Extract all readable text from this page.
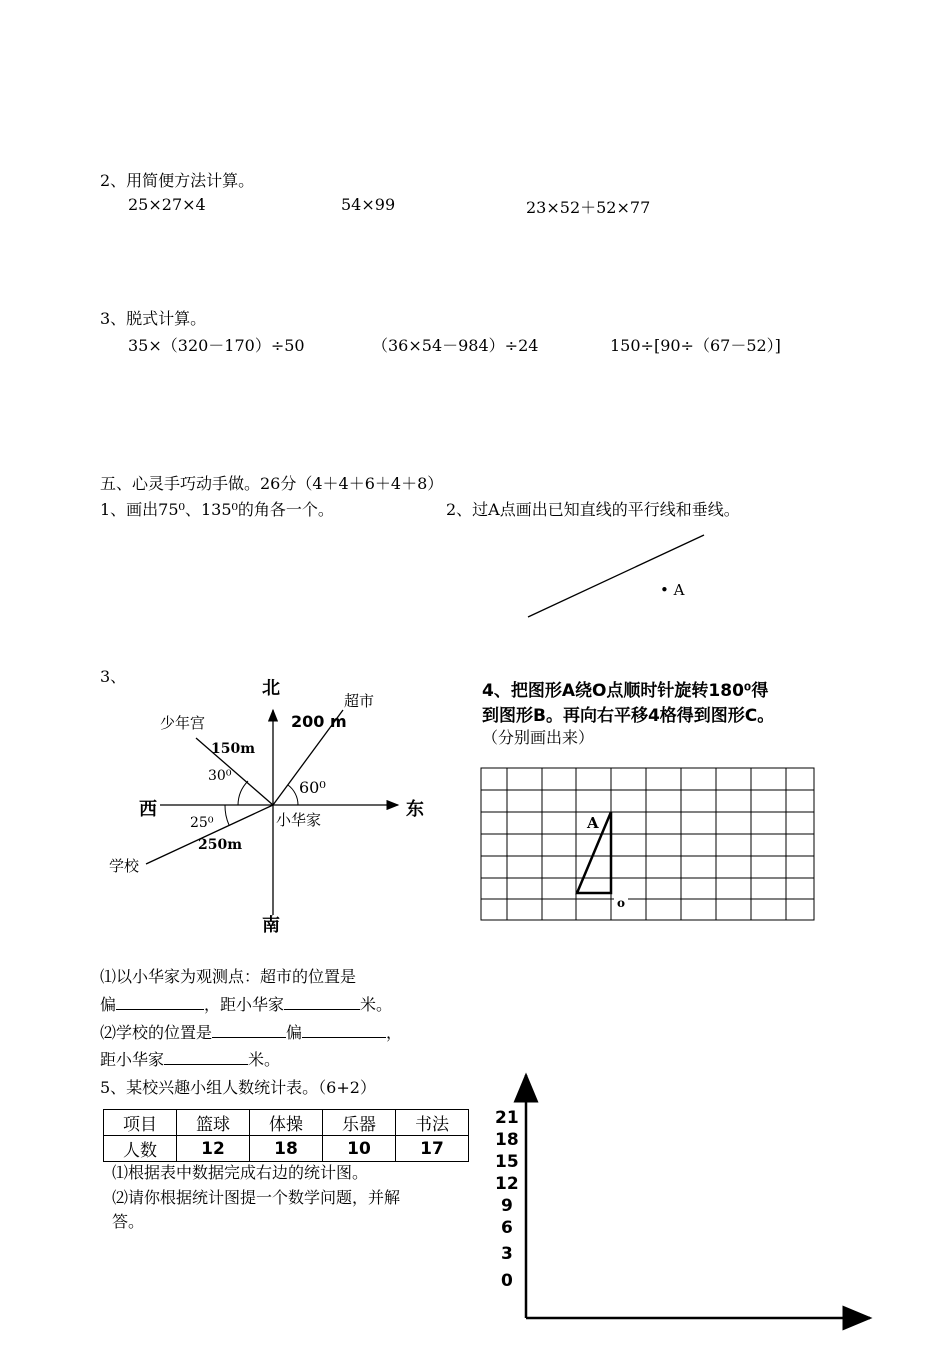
2、用简便方法计算。
25×27×4	54×99	23×52＋52×77
3、脱式计算。
35×（320－170）÷50	（36×54－984）÷24	150÷[90÷（67－52）]
五、心灵手巧动手做。26分（4＋4＋6＋4＋8）
1、画出75⁰、135⁰的角各一个。	2、过A点画出已知直线的平行线和垂线。
• A
3、
北
南
东
西
超市
少年宫
学校
小华家
150m
200 m
250m
30⁰
60⁰
25⁰
⑴以小华家为观测点：超市的位置是
偏	，距小华家	米。
⑵学校的位置是	偏	，
距小华家	米。
4、把图形A绕O点顺时针旋转180⁰得
到图形B。再向右平移4格得到图形C。
（分别画出来）
A
o
5、某校兴趣小组人数统计表。（6+2）
项目	篮球	体操	乐器	书法
人数	12	18	10	17
⑴根据表中数据完成右边的统计图。
⑵请你根据统计图提一个数学问题，并解
答。
21
18
15
12
9
6
3
0
